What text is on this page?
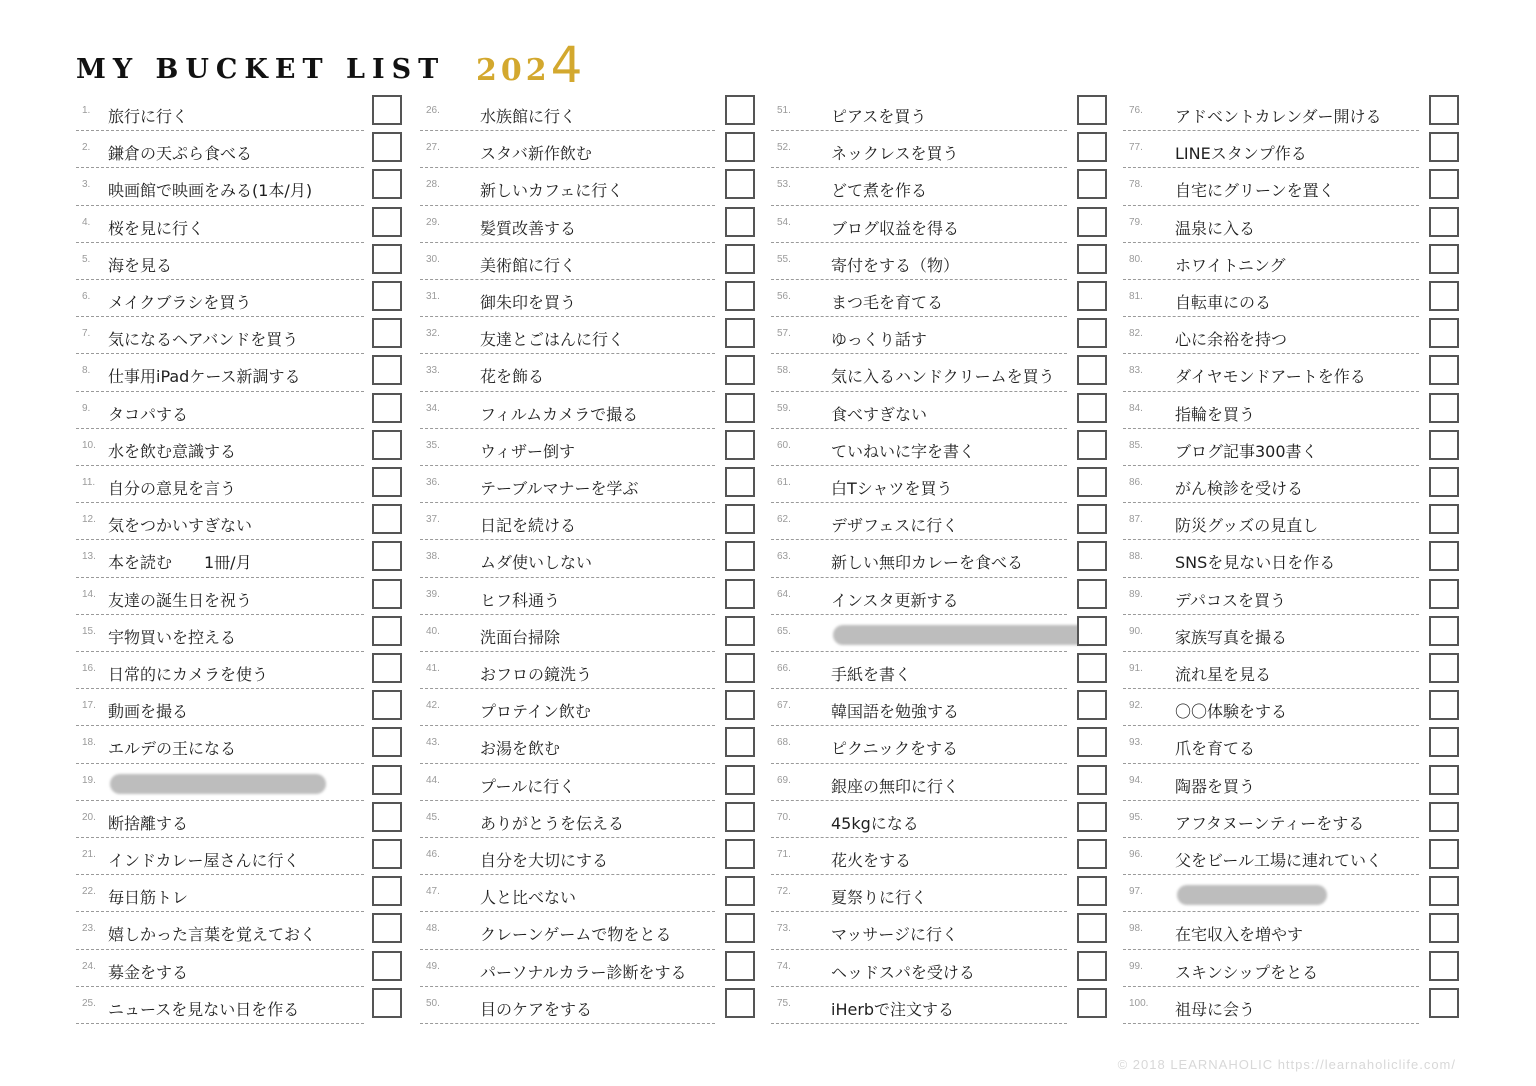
MY BUCKET LIST 2024
1. 旅行に行く
2. 鎌倉の天ぷら食べる
3. 映画館で映画をみる(1本/月)
4. 桜を見に行く
5. 海を見る
6. メイクブラシを買う
7. 気になるヘアバンドを買う
8. 仕事用iPadケース新調する
9. タコパする
10. 水を飲む意識する
11. 自分の意見を言う
12. 気をつかいすぎない
13. 本を読む　　1冊/月
14. 友達の誕生日を祝う
15. 宇物買いを控える
16. 日常的にカメラを使う
17. 動画を撮る
18. エルデの王になる
19.
20. 断捨離する
21. インドカレー屋さんに行く
22. 毎日筋トレ
23. 嬉しかった言葉を覚えておく
24. 募金をする
25. ニュースを見ない日を作る
26.	水族館に行く
27.	スタバ新作飲む
28.	新しいカフェに行く
29.	髪質改善する
30.	美術館に行く
31.	御朱印を買う
32.	友達とごはんに行く
33.	花を飾る
34.	フィルムカメラで撮る
35.	ウィザー倒す
36.	テーブルマナーを学ぶ
37.	日記を続ける
38.	ムダ使いしない
39.	ヒフ科通う
40.	洗面台掃除
41.	おフロの鏡洗う
42.	プロテイン飲む
43.	お湯を飲む
44.	プールに行く
45.	ありがとうを伝える
46.	自分を大切にする
47.	人と比べない
48.	クレーンゲームで物をとる
49.	パーソナルカラー診断をする
50.	目のケアをする
51.	ピアスを買う
52.	ネックレスを買う
53.	どて煮を作る
54.	ブログ収益を得る
55.	寄付をする（物）
56.	まつ毛を育てる
57.	ゆっくり話す
58.	気に入るハンドクリームを買う
59.	食べすぎない
60.	ていねいに字を書く
61.	白Tシャツを買う
62.	デザフェスに行く
63.	新しい無印カレーを食べる
64.	インスタ更新する
65.
66.	手紙を書く
67.	韓国語を勉強する
68.	ピクニックをする
69.	銀座の無印に行く
70.	45kgになる
71.	花火をする
72.	夏祭りに行く
73.	マッサージに行く
74.	ヘッドスパを受ける
75.	iHerbで注文する
76. アドベントカレンダー開ける
77. LINEスタンプ作る
78. 自宅にグリーンを置く
79. 温泉に入る
80. ホワイトニング
81. 自転車にのる
82. 心に余裕を持つ
83. ダイヤモンドアートを作る
84. 指輪を買う
85. ブログ記事300書く
86. がん検診を受ける
87. 防災グッズの見直し
88. SNSを見ない日を作る
89. デパコスを買う
90. 家族写真を撮る
91. 流れ星を見る
92. 〇〇体験をする
93. 爪を育てる
94. 陶器を買う
95. アフタヌーンティーをする
96. 父をビール工場に連れていく
97.
98. 在宅収入を増やす
99. スキンシップをとる
100. 祖母に会う
© 2018 LEARNAHOLIC https://learnaholiclife.com/
